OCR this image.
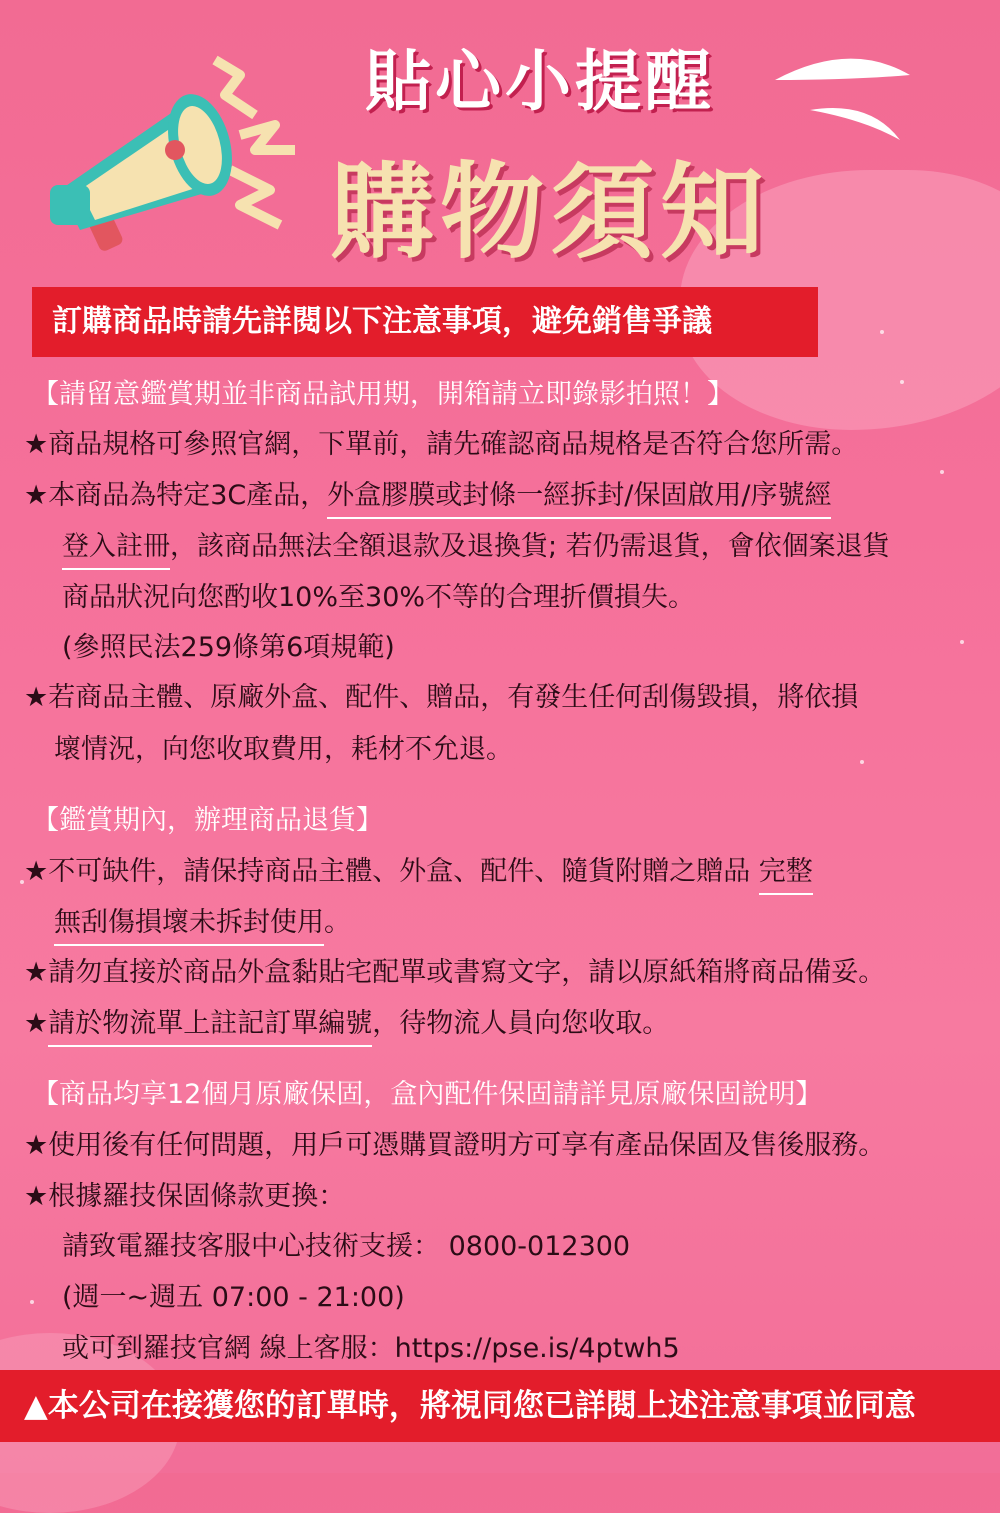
貼心小提醒
購物須知
訂購商品時請先詳閱以下注意事項，避免銷售爭議
【請留意鑑賞期並非商品試用期，開箱請立即錄影拍照！】
★商品規格可參照官網，下單前，請先確認商品規格是否符合您所需。
★本商品為特定3C產品，外盒膠膜或封條一經拆封/保固啟用/序號經
登入註冊，該商品無法全額退款及退換貨; 若仍需退貨，會依個案退貨
商品狀況向您酌收10%至30%不等的合理折價損失。
(參照民法259條第6項規範)
★若商品主體、原廠外盒、配件、贈品，有發生任何刮傷毀損，將依損
壞情況，向您收取費用，耗材不允退。
【鑑賞期內，辦理商品退貨】
★不可缺件，請保持商品主體、外盒、配件、隨貨附贈之贈品 完整
無刮傷損壞未拆封使用。
★請勿直接於商品外盒黏貼宅配單或書寫文字，請以原紙箱將商品備妥。
★請於物流單上註記訂單編號，待物流人員向您收取。
【商品均享12個月原廠保固，盒內配件保固請詳見原廠保固說明】
★使用後有任何問題，用戶可憑購買證明方可享有產品保固及售後服務。
★根據羅技保固條款更換：
請致電羅技客服中心技術支援： 0800-012300
(週一~週五 07:00 - 21:00)
或可到羅技官網 線上客服：https://pse.is/4ptwh5
▲本公司在接獲您的訂單時，將視同您已詳閱上述注意事項並同意
